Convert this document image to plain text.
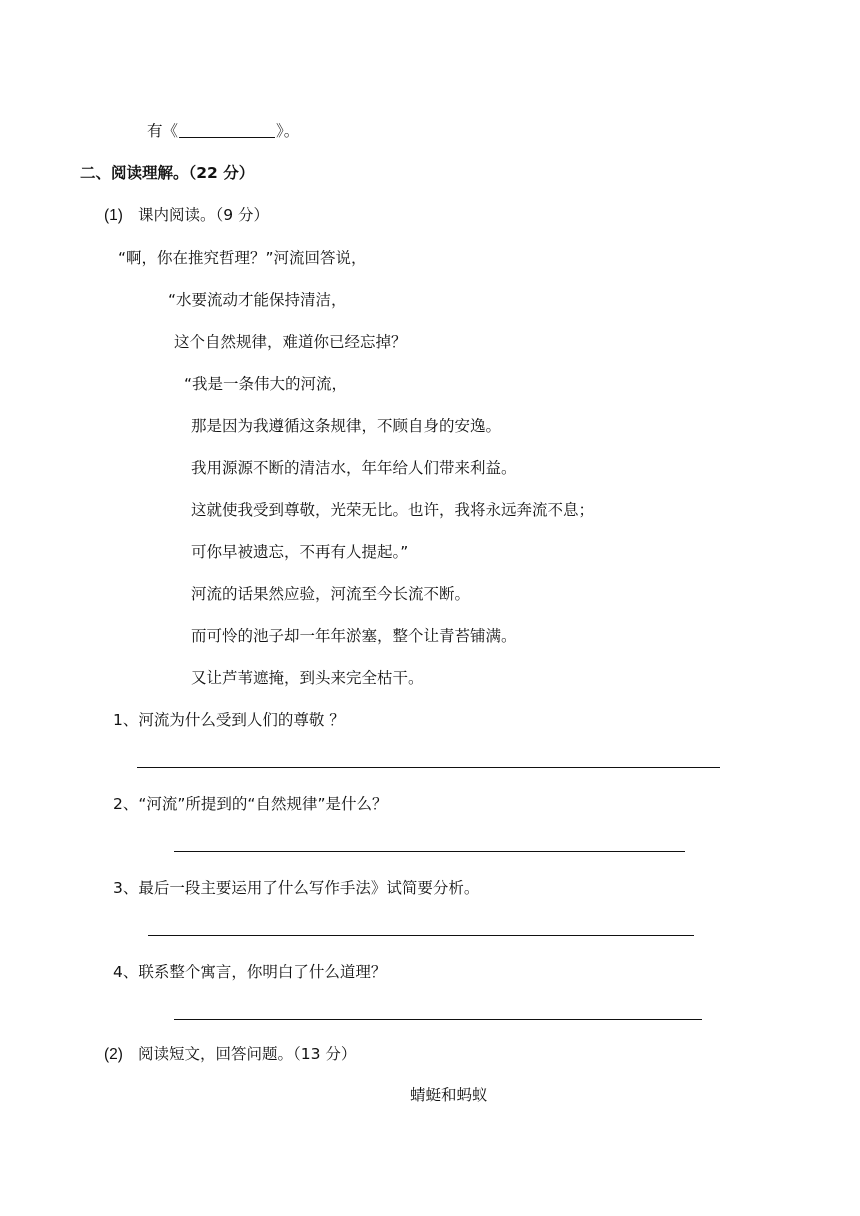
有《	》。
二、阅读理解。（22 分）
(1) 课内阅读。（9 分）
“啊，你在推究哲理？”河流回答说，
“水要流动才能保持清洁，
这个自然规律，难道你已经忘掉？
“我是一条伟大的河流，
那是因为我遵循这条规律，不顾自身的安逸。
我用源源不断的清洁水，年年给人们带来利益。
这就使我受到尊敬，光荣无比。也许，我将永远奔流不息；
可你早被遗忘，不再有人提起。”
河流的话果然应验，河流至今长流不断。
而可怜的池子却一年年淤塞，整个让青苔铺满。
又让芦苇遮掩，到头来完全枯干。
1、河流为什么受到人们的尊敬 ？
2、“河流”所提到的“自然规律”是什么？
3、最后一段主要运用了什么写作手法》试简要分析。
4、联系整个寓言，你明白了什么道理？
(2) 阅读短文，回答问题。（13 分）
蜻蜓和蚂蚁
